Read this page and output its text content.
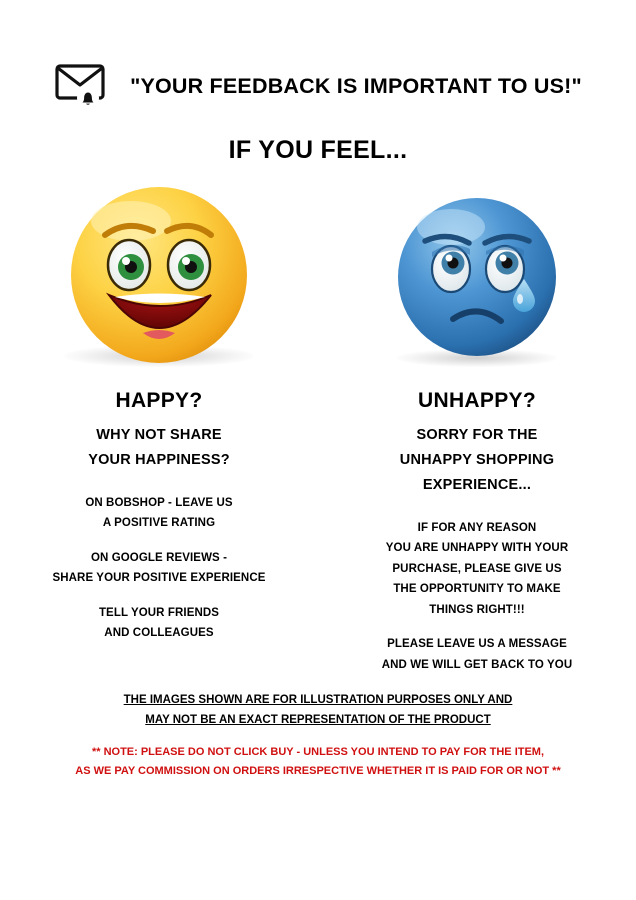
"YOUR FEEDBACK IS IMPORTANT TO US!"
IF YOU FEEL...
HAPPY?
WHY NOT SHARE
YOUR HAPPINESS?
ON BOBSHOP - LEAVE US
A POSITIVE RATING
ON GOOGLE REVIEWS -
SHARE YOUR POSITIVE EXPERIENCE
TELL YOUR FRIENDS
AND COLLEAGUES
UNHAPPY?
SORRY FOR THE
UNHAPPY SHOPPING
EXPERIENCE...
IF FOR ANY REASON
YOU ARE UNHAPPY WITH YOUR
PURCHASE, PLEASE GIVE US
THE OPPORTUNITY TO MAKE
THINGS RIGHT!!!
PLEASE LEAVE US A MESSAGE
AND WE WILL GET BACK TO YOU
THE IMAGES SHOWN ARE FOR ILLUSTRATION PURPOSES ONLY AND
MAY NOT BE AN EXACT REPRESENTATION OF THE PRODUCT
** NOTE: PLEASE DO NOT CLICK BUY - UNLESS YOU INTEND TO PAY FOR THE ITEM,
AS WE PAY COMMISSION ON ORDERS IRRESPECTIVE WHETHER IT IS PAID FOR OR NOT **
